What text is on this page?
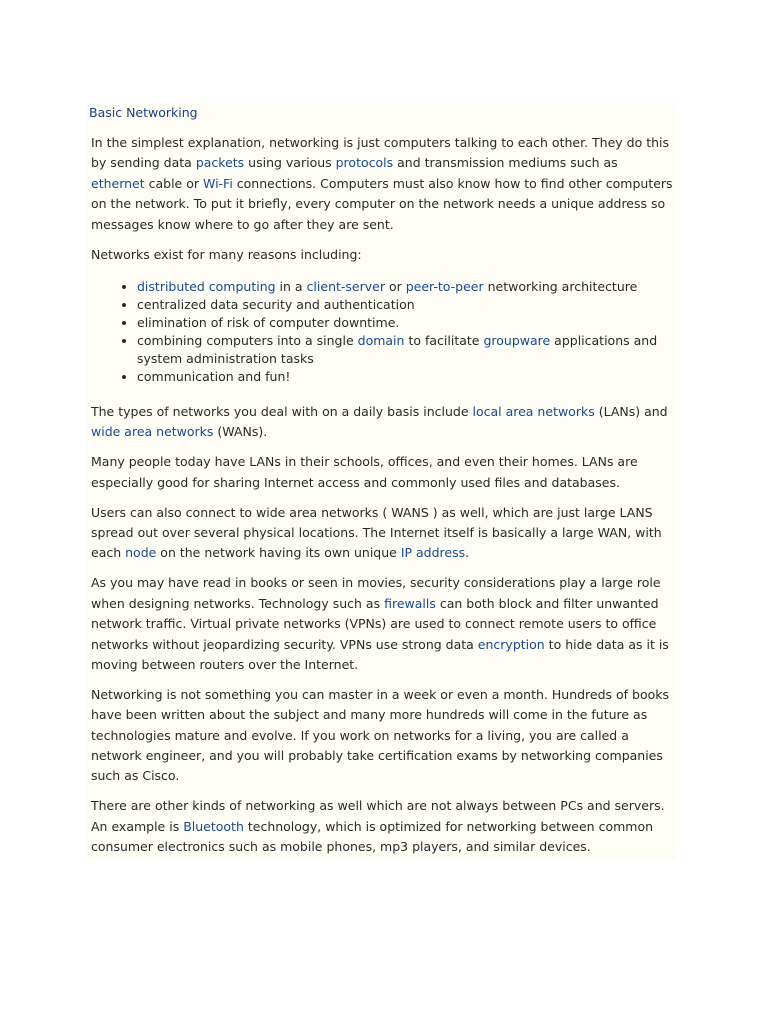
Basic Networking

In the simplest explanation, networking is just computers talking to each other. They do this by sending data packets using various protocols and transmission mediums such as ethernet cable or Wi-Fi connections. Computers must also know how to find other computers on the network. To put it briefly, every computer on the network needs a unique address so messages know where to go after they are sent.

Networks exist for many reasons including:

• distributed computing in a client-server or peer-to-peer networking architecture
• centralized data security and authentication
• elimination of risk of computer downtime.
• combining computers into a single domain to facilitate groupware applications and system administration tasks
• communication and fun!

The types of networks you deal with on a daily basis include local area networks (LANs) and wide area networks (WANs).

Many people today have LANs in their schools, offices, and even their homes. LANs are especially good for sharing Internet access and commonly used files and databases.

Users can also connect to wide area networks ( WANS ) as well, which are just large LANS spread out over several physical locations. The Internet itself is basically a large WAN, with each node on the network having its own unique IP address.

As you may have read in books or seen in movies, security considerations play a large role when designing networks. Technology such as firewalls can both block and filter unwanted network traffic. Virtual private networks (VPNs) are used to connect remote users to office networks without jeopardizing security. VPNs use strong data encryption to hide data as it is moving between routers over the Internet.

Networking is not something you can master in a week or even a month. Hundreds of books have been written about the subject and many more hundreds will come in the future as technologies mature and evolve. If you work on networks for a living, you are called a network engineer, and you will probably take certification exams by networking companies such as Cisco.

There are other kinds of networking as well which are not always between PCs and servers. An example is Bluetooth technology, which is optimized for networking between common consumer electronics such as mobile phones, mp3 players, and similar devices.
